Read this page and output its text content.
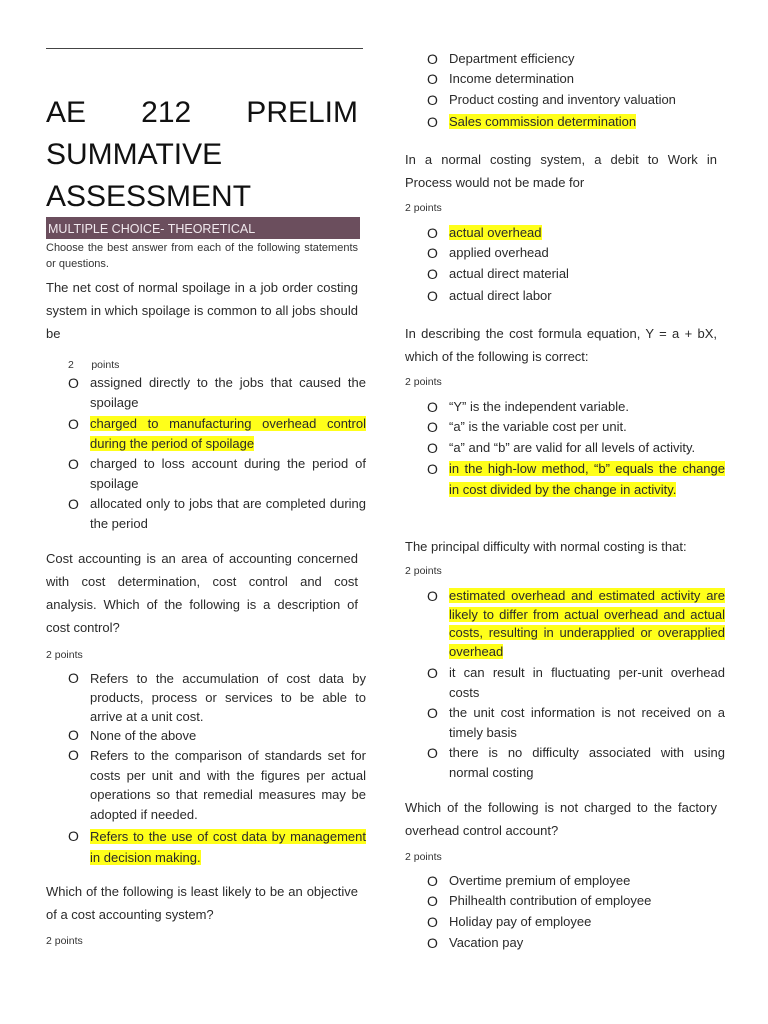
AE 212 PRELIM SUMMATIVE ASSESSMENT
MULTIPLE CHOICE- THEORETICAL
Choose the best answer from each of the following statements or questions.
The net cost of normal spoilage in a job order costing system in which spoilage is common to all jobs should be
2      points
O assigned directly to the jobs that caused the spoilage
O charged to manufacturing overhead control during the period of spoilage
O charged to loss account during the period of spoilage
O allocated only to jobs that are completed during the period
Cost accounting is an area of accounting concerned with cost determination, cost control and cost analysis. Which of the following is a description of cost control?
2 points
O Refers to the accumulation of cost data by products, process or services to be able to arrive at a unit cost.
O None of the above
O Refers to the comparison of standards set for costs per unit and with the figures per actual operations so that remedial measures may be adopted if needed.
O Refers to the use of cost data by management in decision making.
Which of the following is least likely to be an objective of a cost accounting system?
2 points
O Department efficiency
O Income determination
O Product costing and inventory valuation
O Sales commission determination
In a normal costing system, a debit to Work in Process would not be made for
2 points
O actual overhead
O applied overhead
O actual direct material
O actual direct labor
In describing the cost formula equation, Y = a + bX, which of the following is correct:
2 points
O “Y” is the independent variable.
O “a” is the variable cost per unit.
O “a” and “b” are valid for all levels of activity.
O in the high-low method, “b” equals the change in cost divided by the change in activity.
The principal difficulty with normal costing is that:
2 points
O estimated overhead and estimated activity are likely to differ from actual overhead and actual costs, resulting in underapplied or overapplied overhead
O it can result in fluctuating per-unit overhead costs
O the unit cost information is not received on a timely basis
O there is no difficulty associated with using normal costing
Which of the following is not charged to the factory overhead control account?
2 points
O Overtime premium of employee
O Philhealth contribution of employee
O Holiday pay of employee
O Vacation pay
